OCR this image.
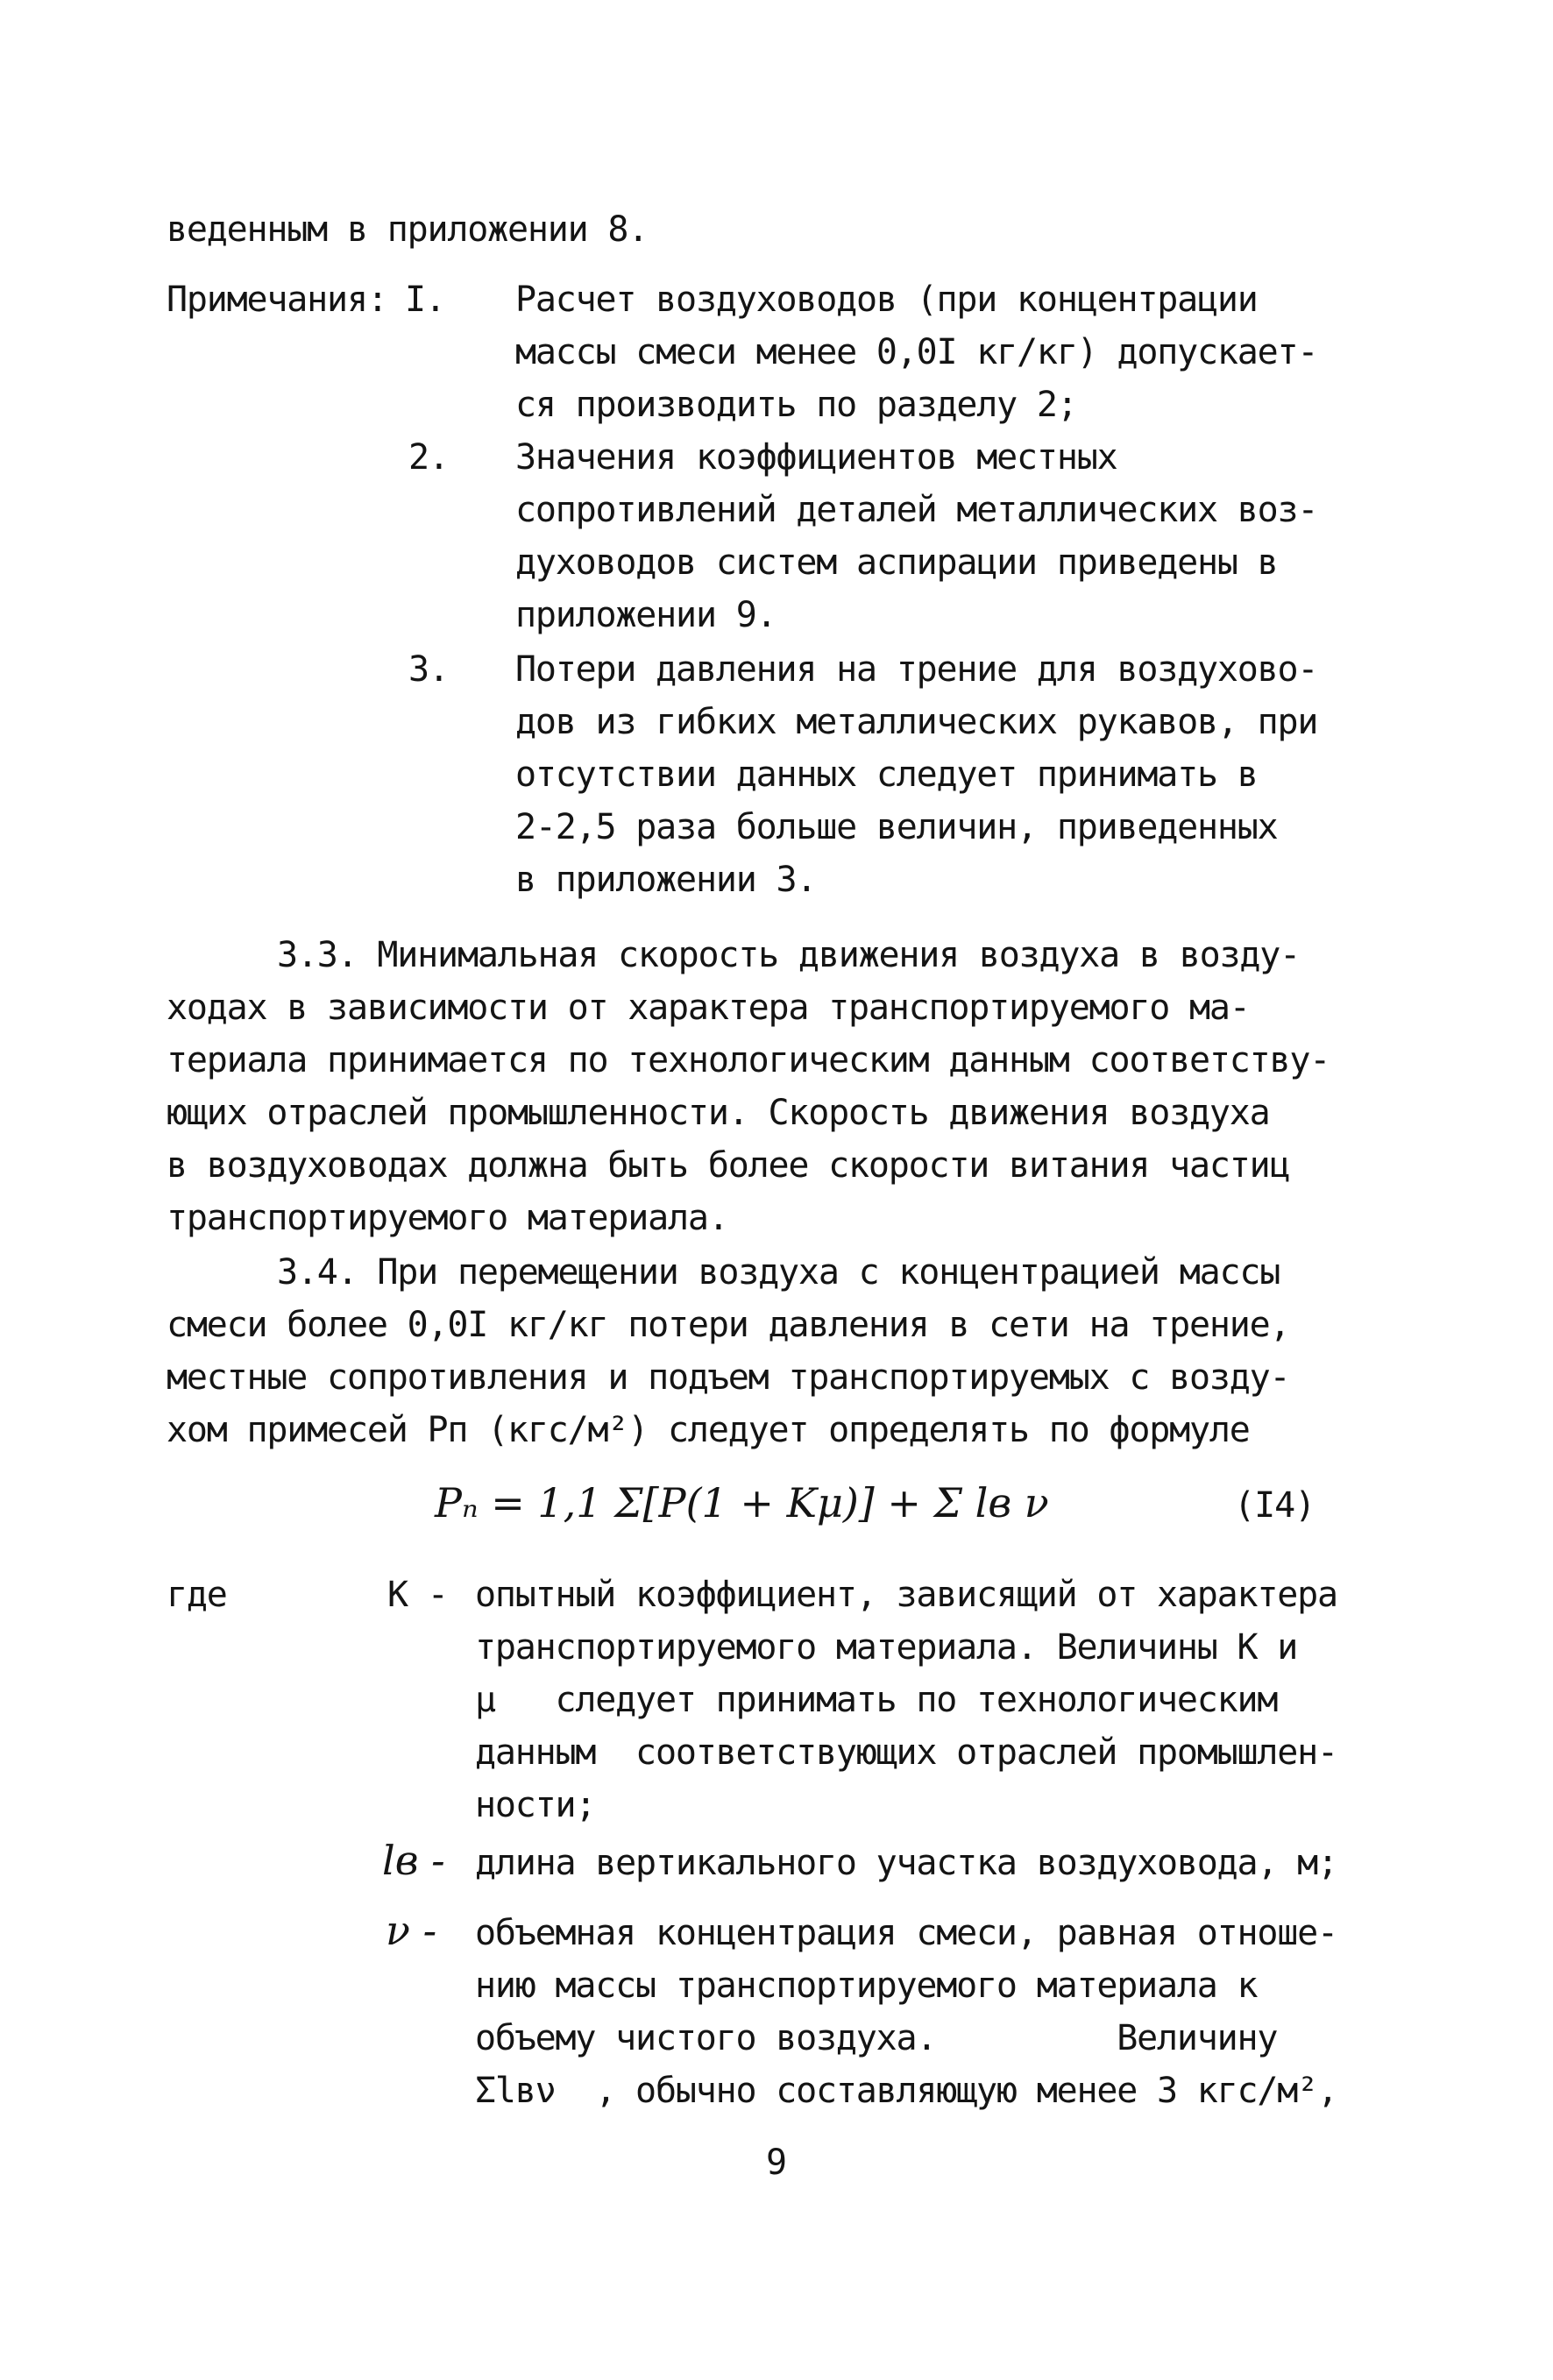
веденным в приложении 8.
Примечания: I. Расчет воздуховодов (при концентрации
массы смеси менее 0,0I кг/кг) допускает-
ся производить по разделу 2;
2. Значения коэффициентов местных
сопротивлений деталей металлических воз-
духоводов систем аспирации приведены в
приложении 9.
3. Потери давления на трение для воздухово-
дов из гибких металлических рукавов, при
отсутствии данных следует принимать в
2-2,5 раза больше величин, приведенных
в приложении 3.
3.3. Минимальная скорость движения воздуха в возду-
ходах в зависимости от характера транспортируемого ма-
териала принимается по технологическим данным соответству-
ющих отраслей промышленности. Скорость движения воздуха
в воздуховодах должна быть более скорости витания частиц
транспортируемого материала.
3.4. При перемещении воздуха с концентрацией массы
смеси более 0,0I кг/кг потери давления в сети на трение,
местные сопротивления и подъем транспортируемых с возду-
хом примесей Рп (кгс/м²) следует определять по формуле
Pₙ = 1,1 Σ[P(1 + Kμ)] + Σ lв ν	(I4)
где	К - опытный коэффициент, зависящий от характера
транспортируемого материала. Величины К и
μ   следует принимать по технологическим
данным  соответствующих отраслей промышлен-
ности;
lв - длина вертикального участка воздуховода, м;
ν - объемная концентрация смеси, равная отноше-
нию массы транспортируемого материала к
объему чистого воздуха.         Величину
Σlвν  , обычно составляющую менее 3 кгс/м²,
9
